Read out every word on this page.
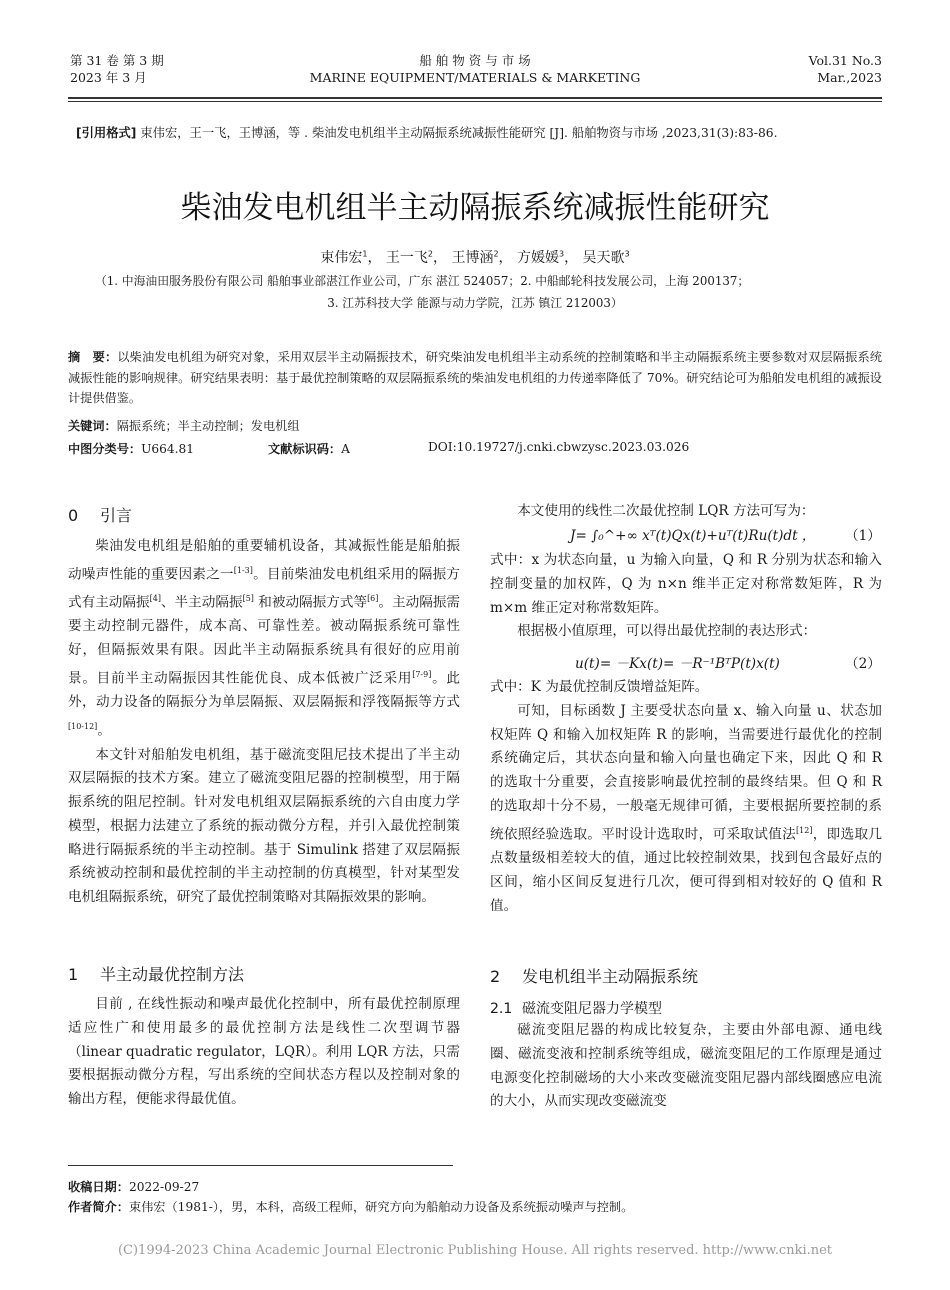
第 31 卷 第 3 期
2023 年 3 月
船 舶 物 资 与 市 场
MARINE EQUIPMENT/MATERIALS & MARKETING
Vol.31 No.3
Mar.,2023
[引用格式] 束伟宏，王一飞，王博涵，等 . 柴油发电机组半主动隔振系统减振性能研究 [J]. 船舶物资与市场 ,2023,31(3):83-86.
柴油发电机组半主动隔振系统减振性能研究
束伟宏$^1$， 王一飞$^2$， 王博涵$^2$， 方媛媛$^3$， 吴天歌$^3$
（1. 中海油田服务股份有限公司 船舶事业部湛江作业公司，广东 湛江 524057；2. 中船邮轮科技发展公司，上海 200137；
3. 江苏科技大学 能源与动力学院，江苏 镇江 212003）
摘　要：以柴油发电机组为研究对象，采用双层半主动隔振技术，研究柴油发电机组半主动系统的控制策略和半主动隔振系统主要参数对双层隔振系统减振性能的影响规律。研究结果表明：基于最优控制策略的双层隔振系统的柴油发电机组的力传递率降低了 70%。研究结论可为船舶发电机组的减振设计提供借鉴。
关键词：隔振系统；半主动控制；发电机组
中图分类号：U664.81	文献标识码：A	DOI:10.19727/j.cnki.cbwzysc.2023.03.026
0 引言

柴油发电机组是船舶的重要辅机设备，其减振性能是船舶振动噪声性能的重要因素之一[1-3]。目前柴油发电机组采用的隔振方式有主动隔振[4]、半主动隔振[5] 和被动隔振方式等[6]。主动隔振需要主动控制元器件，成本高、可靠性差。被动隔振系统可靠性好，但隔振效果有限。因此半主动隔振系统具有很好的应用前景。目前半主动隔振因其性能优良、成本低被广泛采用[7-9]。此外，动力设备的隔振分为单层隔振、双层隔振和浮筏隔振等方式[10-12]。

本文针对船舶发电机组，基于磁流变阻尼技术提出了半主动双层隔振的技术方案。建立了磁流变阻尼器的控制模型，用于隔振系统的阻尼控制。针对发电机组双层隔振系统的六自由度力学模型，根据力法建立了系统的振动微分方程，并引入最优控制策略进行隔振系统的半主动控制。基于 Simulink 搭建了双层隔振系统被动控制和最优控制的半主动控制的仿真模型，针对某型发电机组隔振系统，研究了最优控制策略对其隔振效果的影响。

1 半主动最优控制方法

目前 , 在线性振动和噪声最优化控制中，所有最优控制原理适应性广和使用最多的最优控制方法是线性二次型调节器（linear quadratic regulator，LQR）。利用 LQR 方法，只需要根据振动微分方程，写出系统的空间状态方程以及控制对象的输出方程，便能求得最优值。

本文使用的线性二次最优控制 LQR 方法可写为：

J= ∫₀^+∞ xᵀ(t)Qx(t)+uᵀ(t)Ru(t)dt ， （1）

式中：x 为状态向量，u 为输入向量，Q 和 R 分别为状态和输入控制变量的加权阵，Q 为 n×n 维半正定对称常数矩阵，R 为 m×m 维正定对称常数矩阵。

根据极小值原理，可以得出最优控制的表达形式：

u(t)= －Kx(t)= －R⁻¹BᵀP(t)x(t)	（2）

式中：K 为最优控制反馈增益矩阵。

可知，目标函数 J 主要受状态向量 x、输入向量 u、状态加权矩阵 Q 和输入加权矩阵 R 的影响，当需要进行最优化的控制系统确定后，其状态向量和输入向量也确定下来，因此 Q 和 R 的选取十分重要，会直接影响最优控制的最终结果。但 Q 和 R 的选取却十分不易，一般毫无规律可循，主要根据所要控制的系统依照经验选取。平时设计选取时，可采取试值法[12]，即选取几点数量级相差较大的值，通过比较控制效果，找到包含最好点的区间，缩小区间反复进行几次，便可得到相对较好的 Q 值和 R 值。

2 发电机组半主动隔振系统
2.1 磁流变阻尼器力学模型

磁流变阻尼器的构成比较复杂，主要由外部电源、通电线圈、磁流变液和控制系统等组成，磁流变阻尼的工作原理是通过电源变化控制磁场的大小来改变磁流变阻尼器内部线圈感应电流的大小，从而实现改变磁流变

收稿日期：2022-09-27
作者简介：束伟宏（1981-），男，本科，高级工程师，研究方向为船舶动力设备及系统振动噪声与控制。
(C)1994-2023 China Academic Journal Electronic Publishing House. All rights reserved. http://www.cnki.net
